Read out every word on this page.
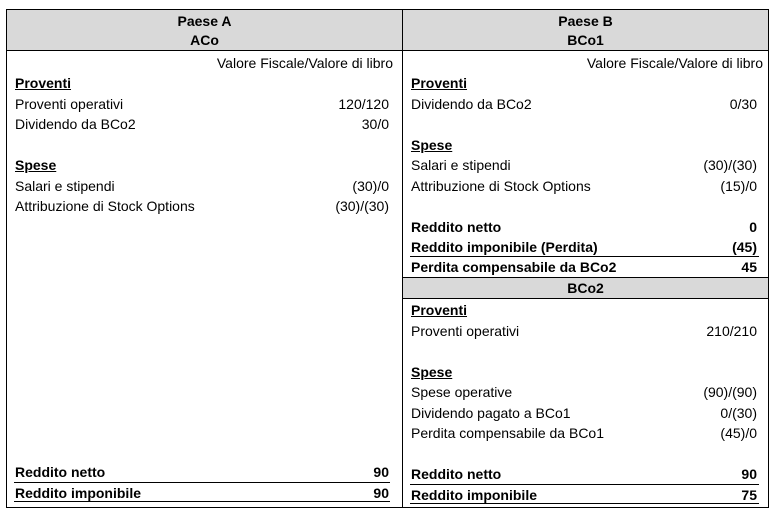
Paese A
ACo
Paese B
BCo1
BCo2
Valore Fiscale/Valore di libro
Proventi
Proventi operativi	120/120
Dividendo da BCo2	30/0
Spese
Salari e stipendi	(30)/0
Attribuzione di Stock Options	(30)/(30)
Reddito netto	90
Reddito imponibile	90
Valore Fiscale/Valore di libro
Proventi
Dividendo da BCo2	0/30
Spese
Salari e stipendi	(30)/(30)
Attribuzione di Stock Options	(15)/0
Reddito netto	0
Reddito imponibile (Perdita)	(45)
Perdita compensabile da BCo2	45
Proventi
Proventi operativi	210/210
Spese
Spese operative	(90)/(90)
Dividendo pagato a BCo1	0/(30)
Perdita compensabile da BCo1	(45)/0
Reddito netto	90
Reddito imponibile	75
